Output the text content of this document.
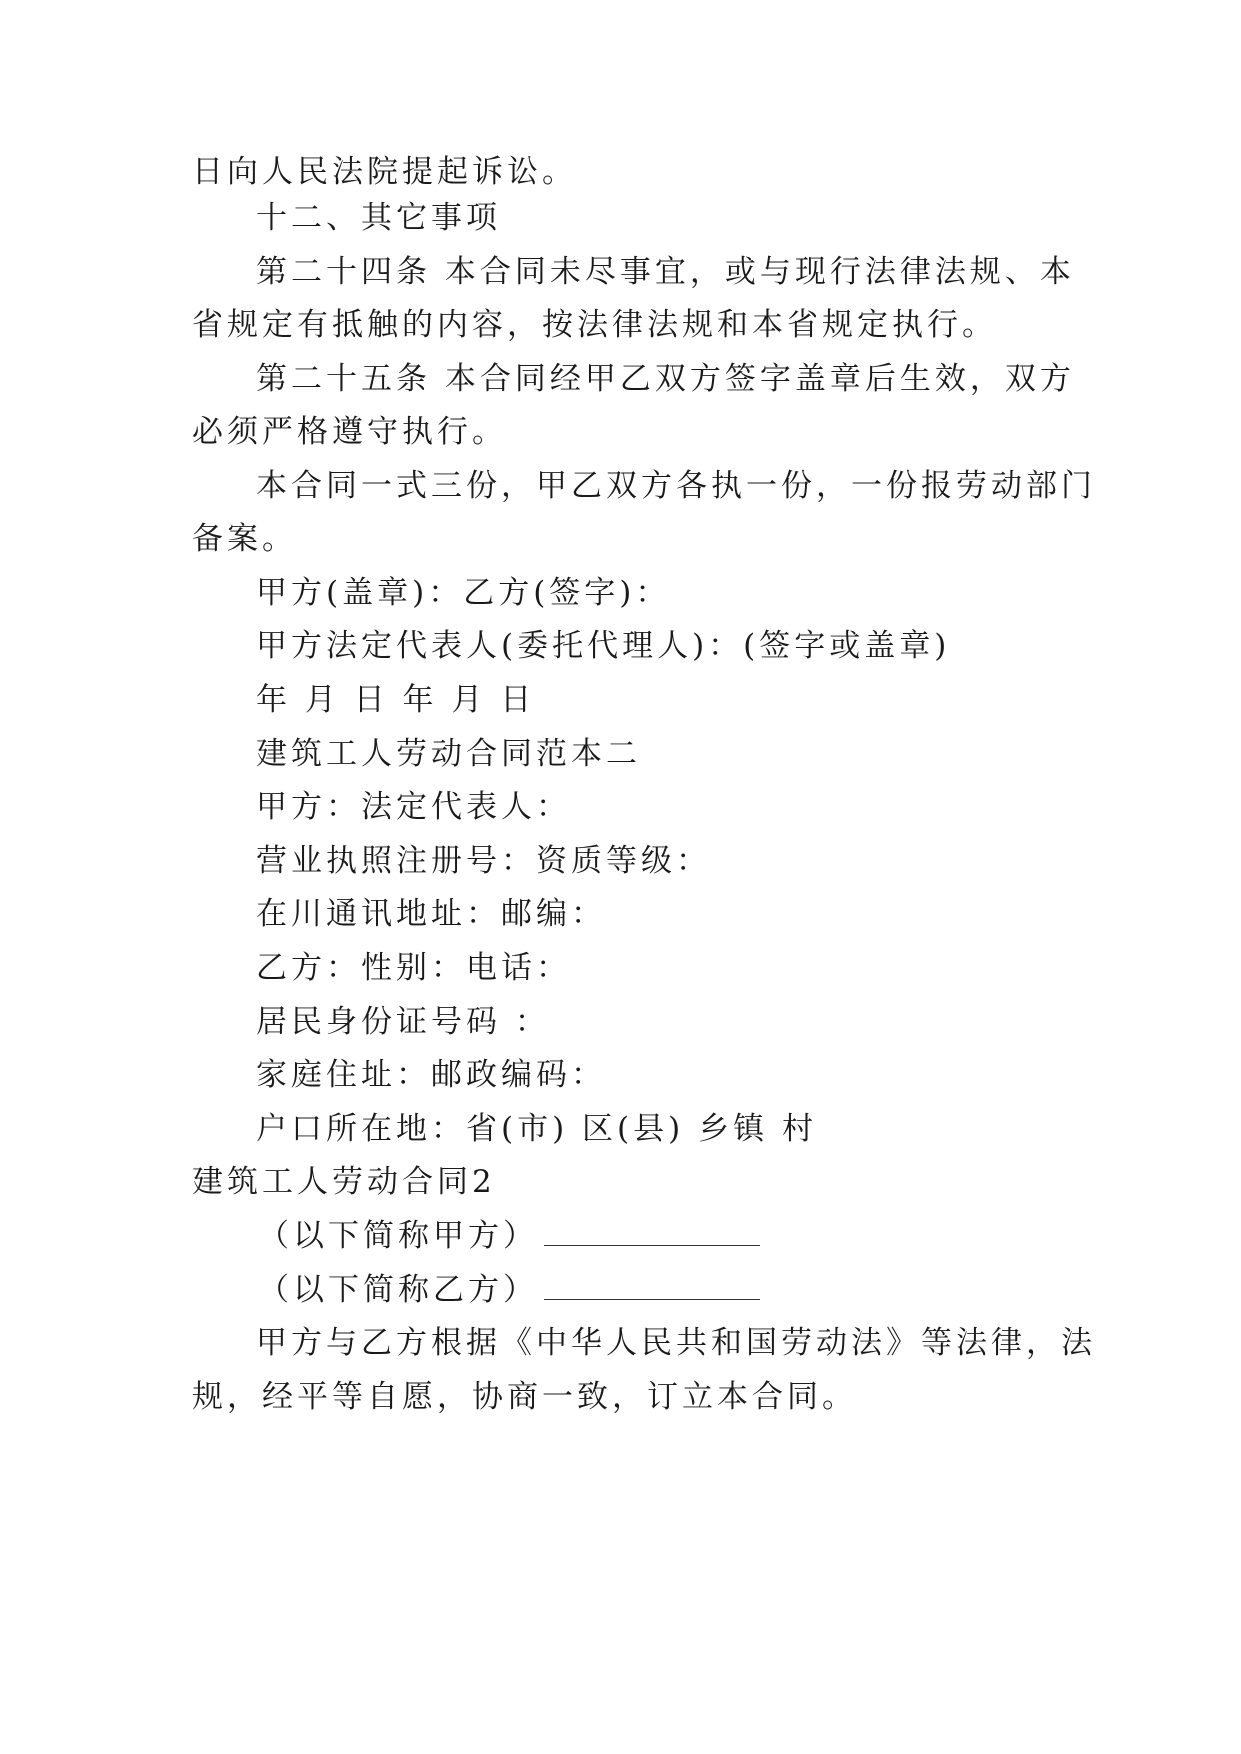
日向人民法院提起诉讼。
十二、其它事项
第二十四条 本合同未尽事宜，或与现行法律法规、本
省规定有抵触的内容，按法律法规和本省规定执行。
第二十五条 本合同经甲乙双方签字盖章后生效，双方
必须严格遵守执行。
本合同一式三份，甲乙双方各执一份，一份报劳动部门
备案。
甲方(盖章)：乙方(签字)：
甲方法定代表人(委托代理人)：(签字或盖章)
年 月 日 年 月 日
建筑工人劳动合同范本二
甲方：法定代表人：
营业执照注册号：资质等级：
在川通讯地址：邮编：
乙方：性别：电话：
居民身份证号码 ：
家庭住址：邮政编码：
户口所在地：省(市) 区(县) 乡镇 村
建筑工人劳动合同2
（以下简称甲方）
（以下简称乙方）
甲方与乙方根据《中华人民共和国劳动法》等法律，法
规，经平等自愿，协商一致，订立本合同。
